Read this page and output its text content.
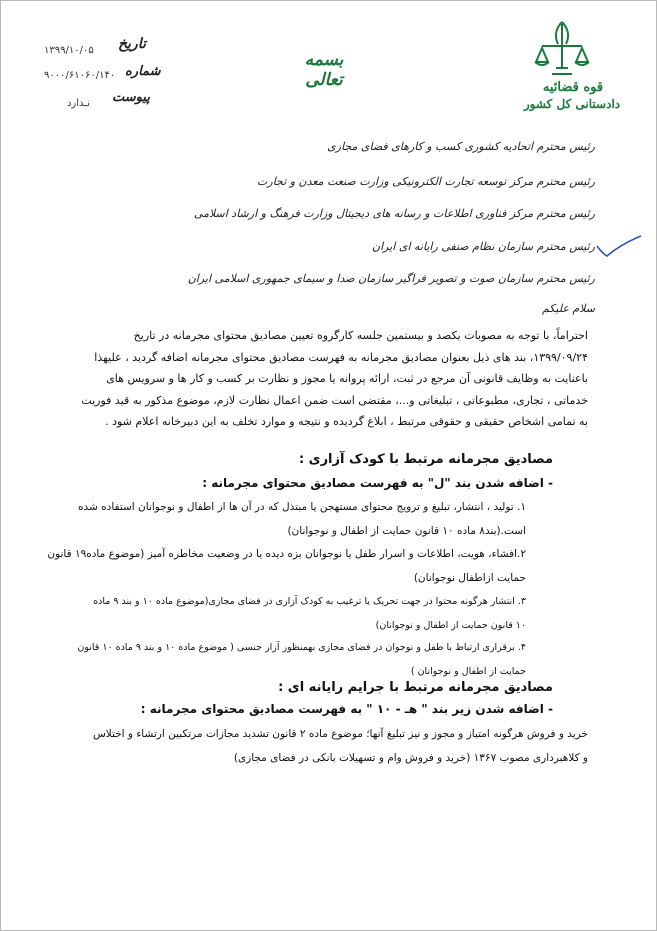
قوه قضائیه
دادستانی کل کشور
بسمه تعالی
تاریخ
۱۳۹۹/۱۰/۰۵
شماره
۹۰۰۰/۶۱۰۶۰/۱۴۰
پیوست
نـدارد
رئیس محترم اتحادیه کشوری کسب و کارهای فضای مجازی
رئیس محترم مرکز توسعه تجارت الکترونیکی وزارت صنعت معدن و تجارت
رئیس محترم مرکز فناوری اطلاعات و رسانه های دیجیتال وزارت فرهنگ و ارشاد اسلامی
رئیس محترم سازمان نظام صنفی رایانه ای ایران
رئیس محترم سازمان صوت و تصویر فراگیر سازمان صدا و سیمای جمهوری اسلامی ایران
سلام علیکم
احتراماً، با توجه به مصوبات یکصد و بیستمین جلسه کارگروه تعیین مصادیق محتوای مجرمانه در تاریخ
۱۳۹۹/۰۹/۲۴، بند های ذیل بعنوان مصادیق مجرمانه به فهرست مصادیق محتوای مجرمانه اضافه گردید ، علیهذا
باعنایت به وظایف قانونی آن مرجع در ثبت، ارائه پروانه یا مجوز و نظارت بر کسب و کار ها و سرویس های
خدماتی ، تجاری، مطبوعاتی ، تبلیغاتی و...، مقتضی است ضمن اعمال نظارت لازم، موضوع مذکور به قید فوریت
به تمامی اشخاص حقیقی و حقوقی مرتبط ، ابلاغ گردیده و نتیجه و موارد تخلف به این دبیرخانه اعلام شود .
مصادیق مجرمانه مرتبط با کودک آزاری :
- اضافه شدن بند "ل" به فهرست مصادیق محتوای مجرمانه :
۱. تولید ، انتشار، تبلیغ و ترویج محتوای مستهجن یا مبتذل که در آن ها از اطفال و نوجوانان استفاده شده
است.(بند۸ ماده ۱۰ قانون حمایت از اطفال و نوجوانان)
۲.افشاء، هویت، اطلاعات و اسرار طفل یا نوجوانان بزه دیده یا در وضعیت مخاطره آمیز (موضوع ماده۱۹ قانون
حمایت ازاطفال نوجوانان)
۳. انتشار هرگونه محتوا در جهت تحریک یا ترغیب به کودک آزاری در فضای مجازی(موضوع ماده ۱۰ و بند ۹ ماده
۱۰ قانون حمایت از اطفال و نوجوانان)
۴. برقراری ارتباط با طفل و نوجوان در فضای مجازی بهمنظور آزار جنسی ( موضوع ماده ۱۰ و بند ۹ ماده ۱۰ قانون
حمایت از اطفال و نوجوانان )
مصادیق مجرمانه مرتبط با جرایم رایانه ای :
- اضافه شدن زیر بند " هـ - ۱۰ " به فهرست مصادیق محتوای مجرمانه :
خرید و فروش هرگونه امتیاز و مجوز و نیز تبلیغ آنها؛ موضوع ماده ۲ قانون تشدید مجازات مرتکبین ارتشاء و اختلاس
و کلاهبرداری مصوب ۱۳۶۷ (خرید و فروش وام و تسهیلات بانکی در فضای مجازی)
